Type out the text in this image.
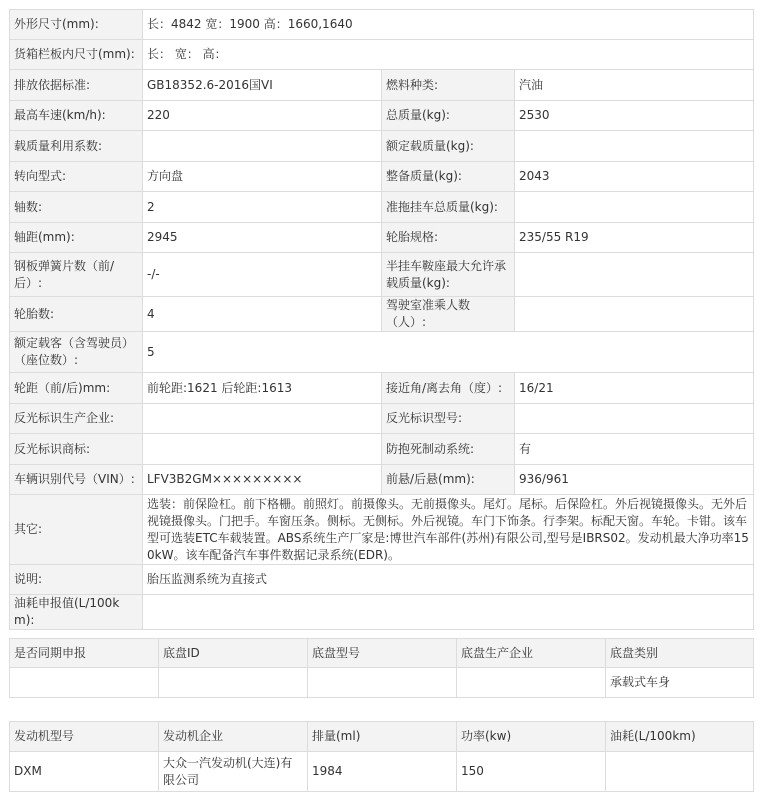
外形尺寸(mm):	长：4842 宽：1900 高：1660,1640		
货箱栏板内尺寸(mm):	长： 宽： 高：		
排放依据标准:	GB18352.6-2016国VI	燃料种类:	汽油
最高车速(km/h):	220	总质量(kg):	2530
载质量利用系数:		额定载质量(kg):	
转向型式:	方向盘	整备质量(kg):	2043
轴数:	2	准拖挂车总质量(kg):	
轴距(mm):	2945	轮胎规格:	235/55 R19
钢板弹簧片数（前/后）:	-/-	半挂车鞍座最大允许承载质量(kg):	
轮胎数:	4	驾驶室准乘人数（人）:	
额定载客（含驾驶员）（座位数）:	5		
轮距（前/后)mm:	前轮距:1621 后轮距:1613	接近角/离去角（度）:	16/21
反光标识生产企业:		反光标识型号:	
反光标识商标:		防抱死制动系统:	有
车辆识别代号（VIN）:	LFV3B2GM×××××××××	前悬/后悬(mm):	936/961
其它:	选装：前保险杠。前下格栅。前照灯。前摄像头。无前摄像头。尾灯。尾标。后保险杠。外后视镜摄像头。无外后视镜摄像头。门把手。车窗压条。侧标。无侧标。外后视镜。车门下饰条。行李架。标配天窗。车轮。卡钳。该车型可选装ETC车载装置。ABS系统生产厂家是:博世汽车部件(苏州)有限公司,型号是IBRS02。发动机最大净功率150kW。该车配备汽车事件数据记录系统(EDR)。		
说明:	胎压监测系统为直接式		
油耗申报值(L/100km):			
是否同期申报	底盘ID	底盘型号	底盘生产企业	底盘类别
				承载式车身
发动机型号	发动机企业	排量(ml)	功率(kw)	油耗(L/100km)
DXM	大众一汽发动机(大连)有限公司	1984	150	
